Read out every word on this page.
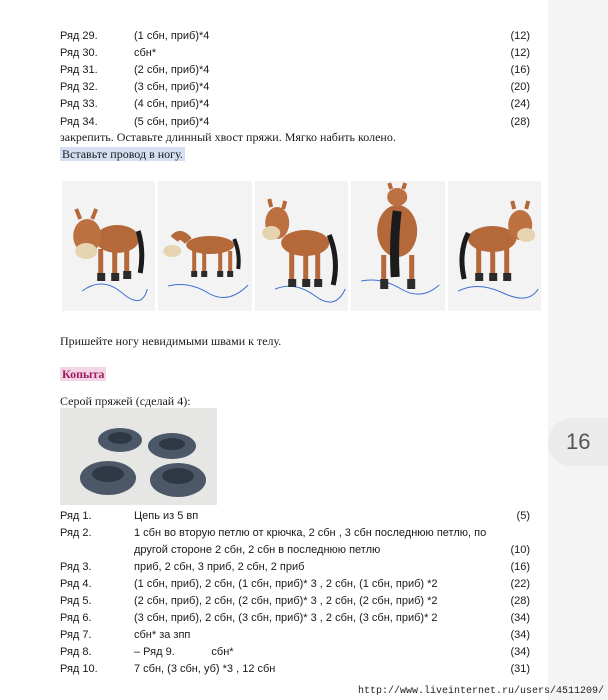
Ряд 29.	(1 сбн, приб)*4	(12)
Ряд 30.	сбн*	(12)
Ряд 31.	(2 сбн, приб)*4	(16)
Ряд 32.	(3 сбн, приб)*4	(20)
Ряд 33.	(4 сбн, приб)*4	(24)
Ряд 34.	(5 сбн, приб)*4	(28)
закрепить. Оставьте длинный хвост пряжи. Мягко набить колено.
Вставьте провод в ногу.
Пришейте ногу невидимыми швами к телу.
Копыта
Серой пряжей (сделай 4):
Ряд 1.	Цепь из 5 вп	(5)
Ряд 2.	1 сбн во вторую петлю от крючка, 2 сбн , 3 сбн последнюю петлю, по
другой стороне 2 сбн, 2 сбн в последнюю петлю	(10)
Ряд 3.	приб, 2 сбн, 3 приб, 2 сбн, 2 приб	(16)
Ряд 4.	(1 сбн, приб), 2 сбн, (1 сбн, приб)* 3 , 2 сбн, (1 сбн, приб) *2	(22)
Ряд 5.	(2 сбн, приб), 2 сбн, (2 сбн, приб)* 3 , 2 сбн, (2 сбн, приб) *2	(28)
Ряд 6.	(3 сбн, приб), 2 сбн, (3 сбн, приб)* 3 , 2 сбн, (3 сбн, приб)* 2	(34)
Ряд 7.	сбн* за зпп	(34)
Ряд 8.	– Ряд 9.            сбн*	(34)
Ряд 10.	7 сбн, (3 сбн, уб) *3 , 12 сбн	(31)
16
http://www.liveinternet.ru/users/4511209/
